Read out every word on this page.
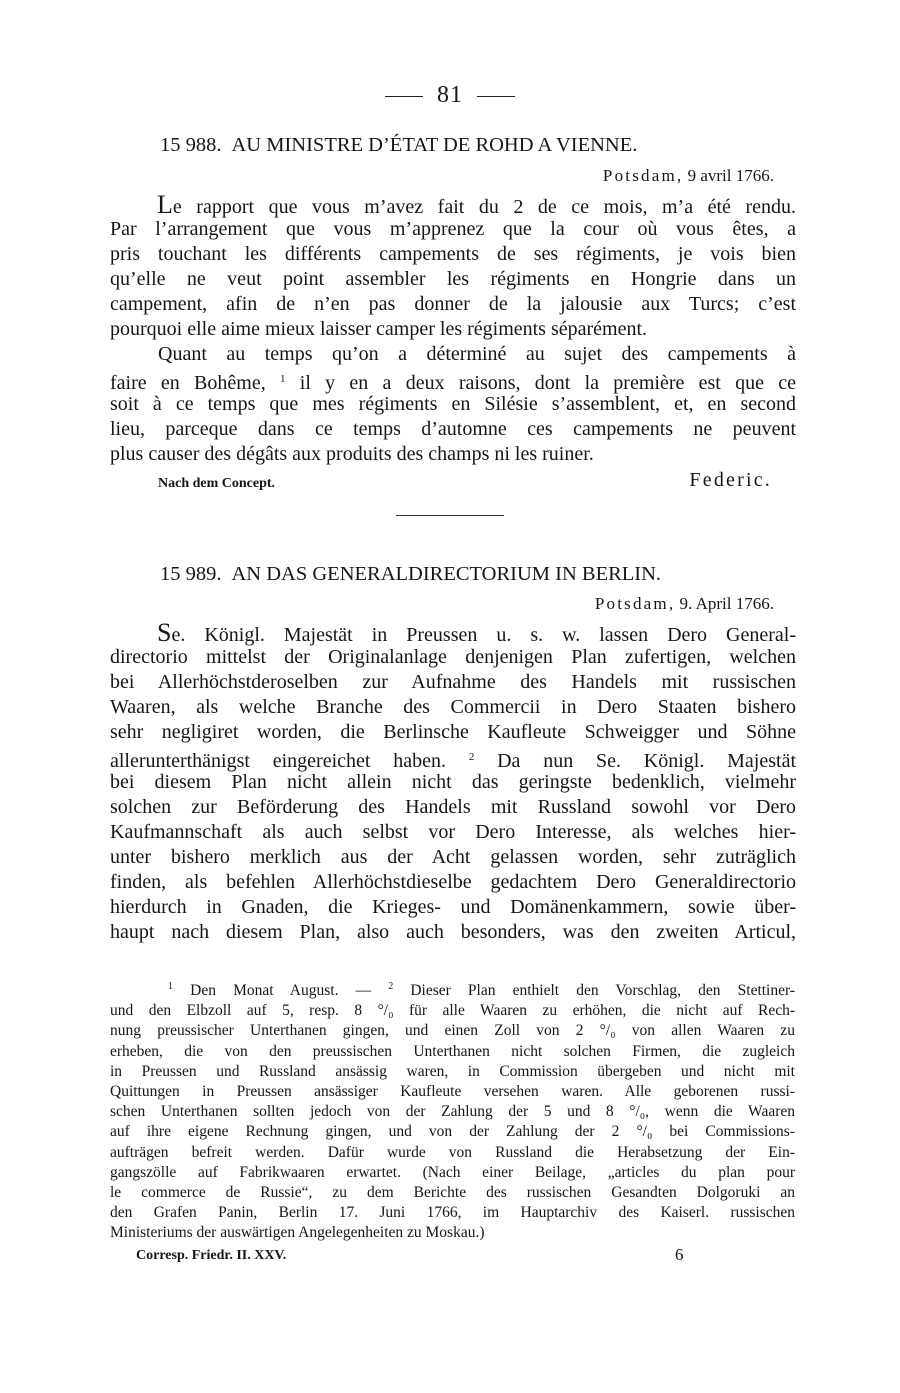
81
15 988. AU MINISTRE D’ÉTAT DE ROHD A VIENNE.
Potsdam, 9 avril 1766.

Le rapport que vous m’avez fait du 2 de ce mois, m’a été rendu.

Par l’arrangement que vous m’apprenez que la cour où vous êtes, a

pris touchant les différents campements de ses régiments, je vois bien

qu’elle ne veut point assembler les régiments en Hongrie dans un

campement, afin de n’en pas donner de la jalousie aux Turcs; c’est

pourquoi elle aime mieux laisser camper les régiments séparément.

Quant au temps qu’on a déterminé au sujet des campements à

faire en Bohême, $^1$ il y en a deux raisons, dont la première est que ce

soit à ce temps que mes régiments en Silésie s’assemblent, et, en second

lieu, parceque dans ce temps d’automne ces campements ne peuvent

plus causer des dégâts aux produits des champs ni les ruiner.

Nach dem Concept.	Federic.
15 989. AN DAS GENERALDIRECTORIUM IN BERLIN.
Potsdam, 9. April 1766.

Se. Königl. Majestät in Preussen u. s. w. lassen Dero General-

directorio mittelst der Originalanlage denjenigen Plan zufertigen, welchen

bei Allerhöchstderoselben zur Aufnahme des Handels mit russischen

Waaren, als welche Branche des Commercii in Dero Staaten bishero

sehr negligiret worden, die Berlinsche Kaufleute Schweigger und Söhne

allerunterthänigst eingereichet haben. $^2$ Da nun Se. Königl. Majestät

bei diesem Plan nicht allein nicht das geringste bedenklich, vielmehr

solchen zur Beförderung des Handels mit Russland sowohl vor Dero

Kaufmannschaft als auch selbst vor Dero Interesse, als welches hier-

unter bishero merklich aus der Acht gelassen worden, sehr zuträglich

finden, als befehlen Allerhöchstdieselbe gedachtem Dero Generaldirectorio

hierdurch in Gnaden, die Krieges- und Domänenkammern, sowie über-

haupt nach diesem Plan, also auch besonders, was den zweiten Articul,

$^1$ Den Monat August. — $^2$ Dieser Plan enthielt den Vorschlag, den Stettiner-
und den Elbzoll auf 5, resp. 8 °/₀ für alle Waaren zu erhöhen, die nicht auf Rech-
nung preussischer Unterthanen gingen, und einen Zoll von 2 °/₀ von allen Waaren zu
erheben, die von den preussischen Unterthanen nicht solchen Firmen, die zugleich
in Preussen und Russland ansässig waren, in Commission übergeben und nicht mit
Quittungen in Preussen ansässiger Kaufleute versehen waren. Alle geborenen russi-
schen Unterthanen sollten jedoch von der Zahlung der 5 und 8 °/₀, wenn die Waaren
auf ihre eigene Rechnung gingen, und von der Zahlung der 2 °/₀ bei Commissions-
aufträgen befreit werden. Dafür wurde von Russland die Herabsetzung der Ein-
gangszölle auf Fabrikwaaren erwartet. (Nach einer Beilage, „articles du plan pour
le commerce de Russie“, zu dem Berichte des russischen Gesandten Dolgoruki an
den Grafen Panin, Berlin 17. Juni 1766, im Hauptarchiv des Kaiserl. russischen
Ministeriums der auswärtigen Angelegenheiten zu Moskau.)
Corresp. Friedr. II. XXV.	6
